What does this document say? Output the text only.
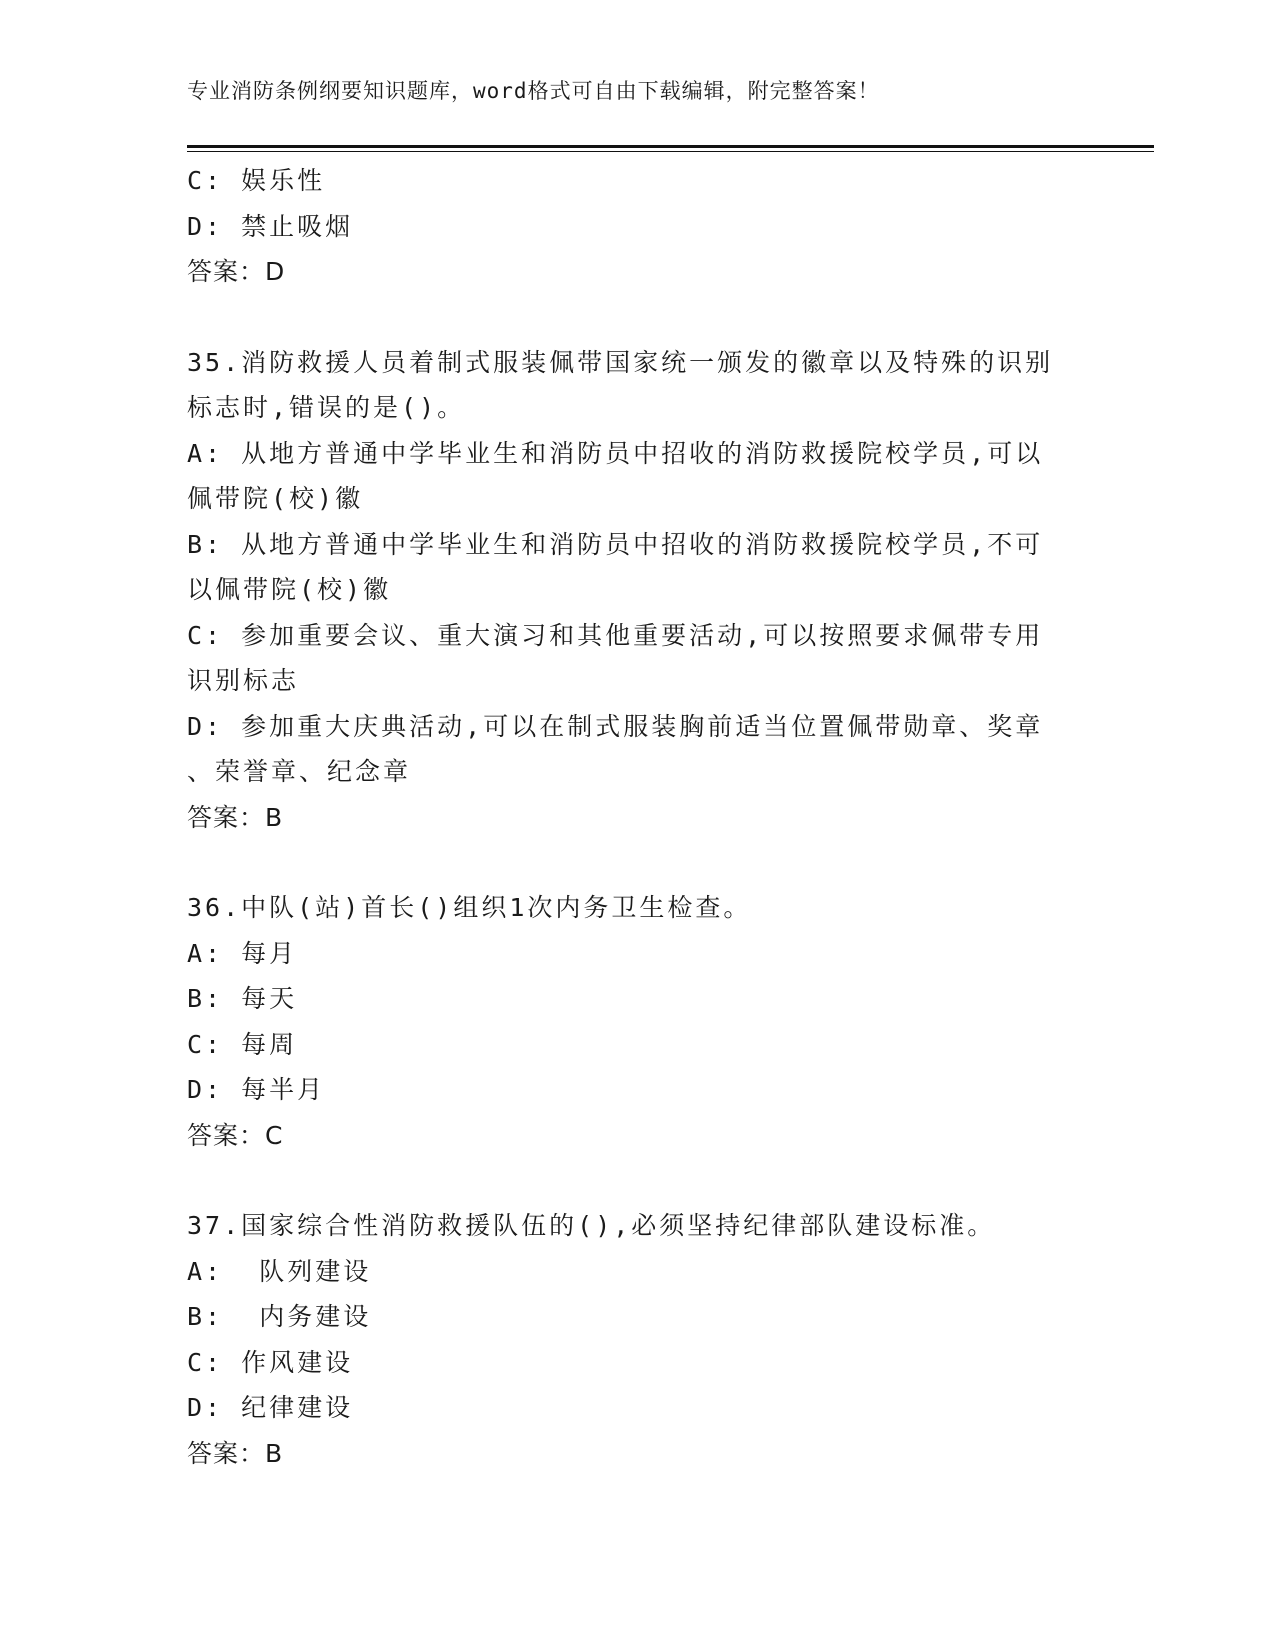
专业消防条例纲要知识题库，word格式可自由下载编辑，附完整答案！

C: 娱乐性

D: 禁止吸烟

答案：D

35.消防救援人员着制式服装佩带国家统一颁发的徽章以及特殊的识别

标志时,错误的是()。

A: 从地方普通中学毕业生和消防员中招收的消防救援院校学员,可以

佩带院(校)徽

B: 从地方普通中学毕业生和消防员中招收的消防救援院校学员,不可

以佩带院(校)徽

C: 参加重要会议、重大演习和其他重要活动,可以按照要求佩带专用

识别标志

D: 参加重大庆典活动,可以在制式服装胸前适当位置佩带勋章、奖章

、荣誉章、纪念章

答案：B

36.中队(站)首长()组织1次内务卫生检查。

A: 每月

B: 每天

C: 每周

D: 每半月

答案：C

37.国家综合性消防救援队伍的(),必须坚持纪律部队建设标准。

A:  队列建设

B:  内务建设

C: 作风建设

D: 纪律建设

答案：B
